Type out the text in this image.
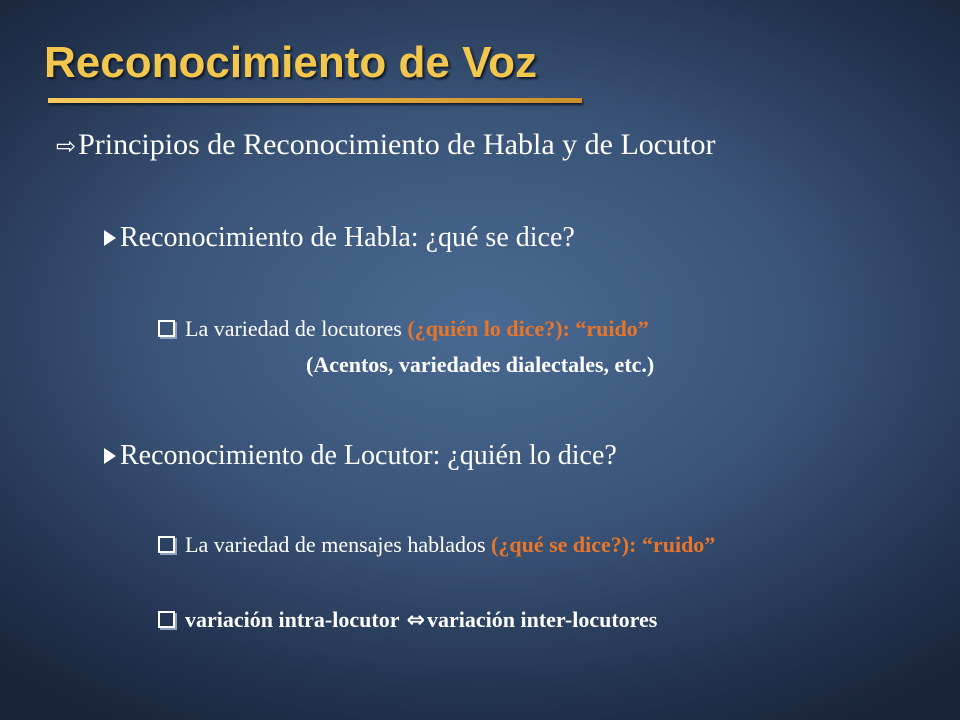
Reconocimiento de Voz
⇨Principios de Reconocimiento de Habla y de Locutor
Reconocimiento de Habla: ¿qué se dice?
La variedad de locutores (¿quién lo dice?): “ruido”
(Acentos, variedades dialectales, etc.)
Reconocimiento de Locutor: ¿quién lo dice?
La variedad de mensajes hablados (¿qué se dice?): “ruido”
variación intra-locutor ⇔variación inter-locutores
